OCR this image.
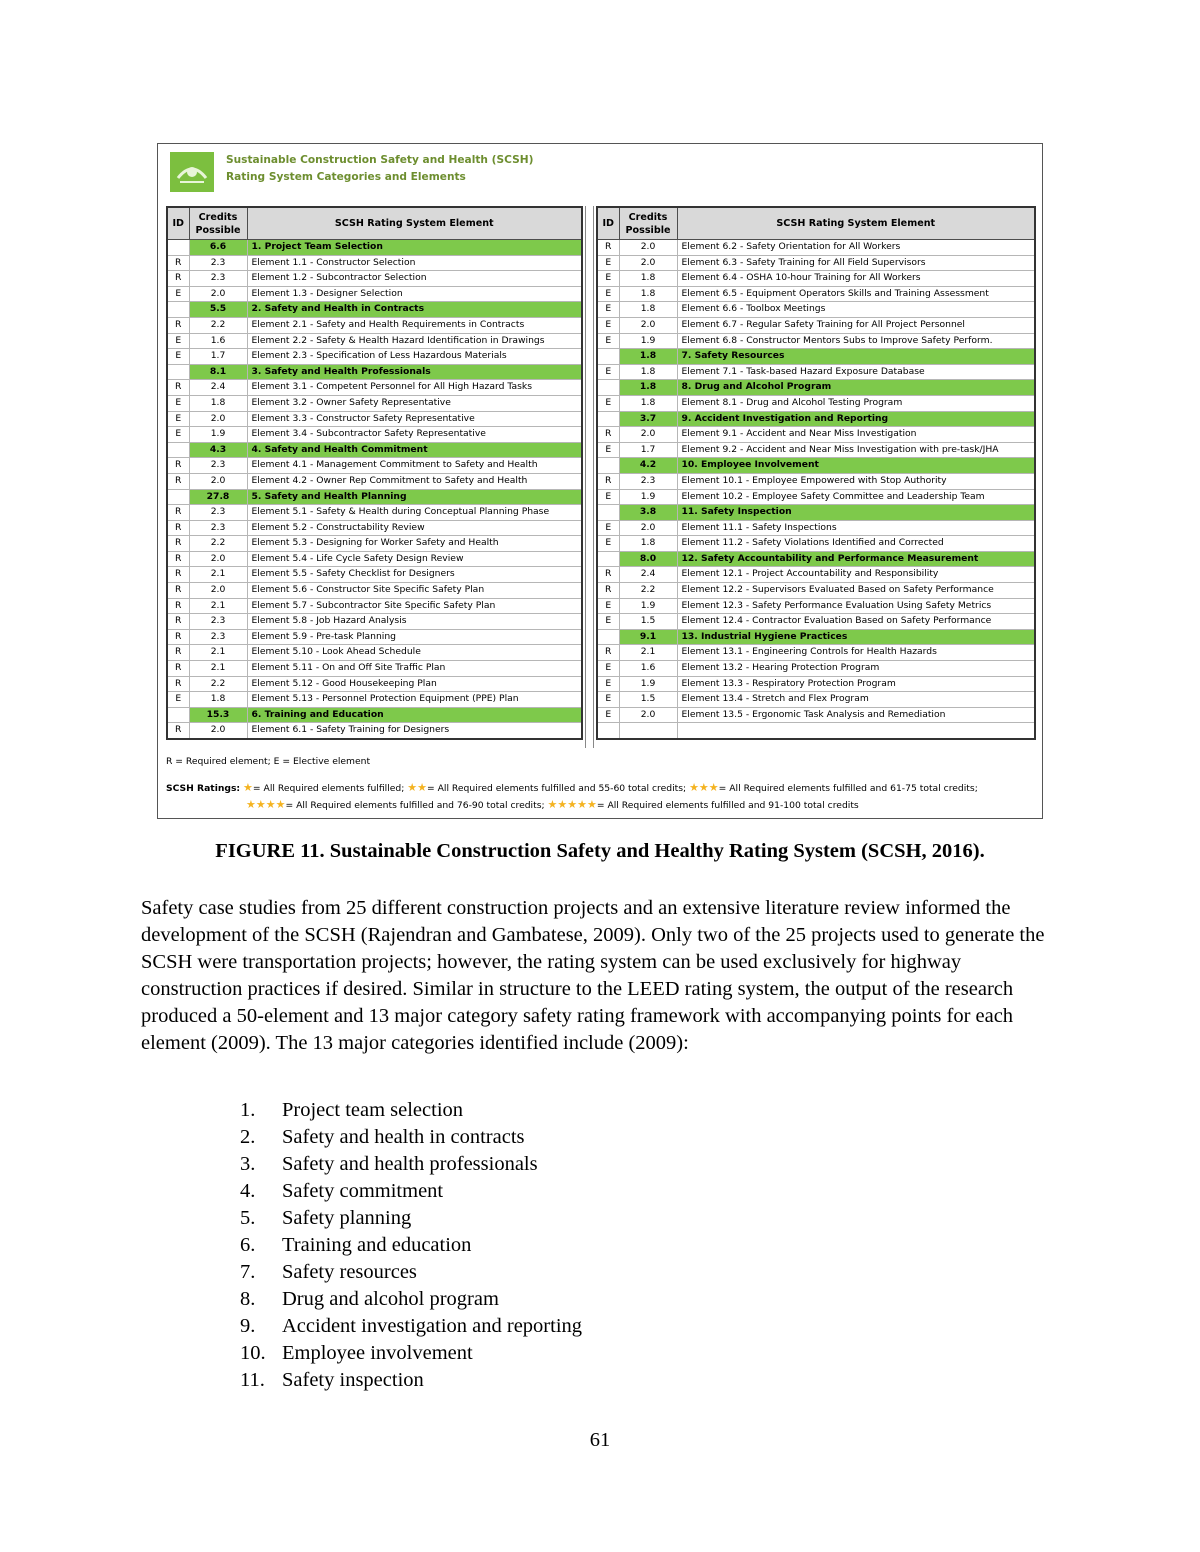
Sustainable Construction Safety and Health (SCSH)
Rating System Categories and Elements
ID	Credits Possible	SCSH Rating System Element
	6.6	1. Project Team Selection
R	2.3	Element 1.1 - Constructor Selection
R	2.3	Element 1.2 - Subcontractor Selection
E	2.0	Element 1.3 - Designer Selection
	5.5	2. Safety and Health in Contracts
R	2.2	Element 2.1 - Safety and Health Requirements in Contracts
E	1.6	Element 2.2 - Safety & Health Hazard Identification in Drawings
E	1.7	Element 2.3 - Specification of Less Hazardous Materials
	8.1	3. Safety and Health Professionals
R	2.4	Element 3.1 - Competent Personnel for All High Hazard Tasks
E	1.8	Element 3.2 - Owner Safety Representative
E	2.0	Element 3.3 - Constructor Safety Representative
E	1.9	Element 3.4 - Subcontractor Safety Representative
	4.3	4. Safety and Health Commitment
R	2.3	Element 4.1 - Management Commitment to Safety and Health
R	2.0	Element 4.2 - Owner Rep Commitment to Safety and Health
	27.8	5. Safety and Health Planning
R	2.3	Element 5.1 - Safety & Health during Conceptual Planning Phase
R	2.3	Element 5.2 - Constructability Review
R	2.2	Element 5.3 - Designing for Worker Safety and Health
R	2.0	Element 5.4 - Life Cycle Safety Design Review
R	2.1	Element 5.5 - Safety Checklist for Designers
R	2.0	Element 5.6 - Constructor Site Specific Safety Plan
R	2.1	Element 5.7 - Subcontractor Site Specific Safety Plan
R	2.3	Element 5.8 - Job Hazard Analysis
R	2.3	Element 5.9 - Pre-task Planning
R	2.1	Element 5.10 - Look Ahead Schedule
R	2.1	Element 5.11 - On and Off Site Traffic Plan
R	2.2	Element 5.12 - Good Housekeeping Plan
E	1.8	Element 5.13 - Personnel Protection Equipment (PPE) Plan
	15.3	6. Training and Education
R	2.0	Element 6.1 - Safety Training for Designers
ID	Credits Possible	SCSH Rating System Element
R	2.0	Element 6.2 - Safety Orientation for All Workers
E	2.0	Element 6.3 - Safety Training for All Field Supervisors
E	1.8	Element 6.4 - OSHA 10-hour Training for All Workers
E	1.8	Element 6.5 - Equipment Operators Skills and Training Assessment
E	1.8	Element 6.6 - Toolbox Meetings
E	2.0	Element 6.7 - Regular Safety Training for All Project Personnel
E	1.9	Element 6.8 - Constructor Mentors Subs to Improve Safety Perform.
	1.8	7. Safety Resources
E	1.8	Element 7.1 - Task-based Hazard Exposure Database
	1.8	8. Drug and Alcohol Program
E	1.8	Element 8.1 - Drug and Alcohol Testing Program
	3.7	9. Accident Investigation and Reporting
R	2.0	Element 9.1 - Accident and Near Miss Investigation
E	1.7	Element 9.2 - Accident and Near Miss Investigation with pre-task/JHA
	4.2	10. Employee Involvement
R	2.3	Element 10.1 - Employee Empowered with Stop Authority
E	1.9	Element 10.2 - Employee Safety Committee and Leadership Team
	3.8	11. Safety Inspection
E	2.0	Element 11.1 - Safety Inspections
E	1.8	Element 11.2 - Safety Violations Identified and Corrected
	8.0	12. Safety Accountability and Performance Measurement
R	2.4	Element 12.1 - Project Accountability and Responsibility
R	2.2	Element 12.2 - Supervisors Evaluated Based on Safety Performance
E	1.9	Element 12.3 - Safety Performance Evaluation Using Safety Metrics
E	1.5	Element 12.4 - Contractor Evaluation Based on Safety Performance
	9.1	13. Industrial Hygiene Practices
R	2.1	Element 13.1 - Engineering Controls for Health Hazards
E	1.6	Element 13.2 - Hearing Protection Program
E	1.9	Element 13.3 - Respiratory Protection Program
E	1.5	Element 13.4 - Stretch and Flex Program
E	2.0	Element 13.5 - Ergonomic Task Analysis and Remediation

R = Required element; E = Elective element
SCSH Ratings: ★= All Required elements fulfilled; ★★= All Required elements fulfilled and 55-60 total credits; ★★★= All Required elements fulfilled and 61-75 total credits;
★★★★= All Required elements fulfilled and 76-90 total credits; ★★★★★= All Required elements fulfilled and 91-100 total credits
FIGURE 11. Sustainable Construction Safety and Healthy Rating System (SCSH, 2016).
Safety case studies from 25 different construction projects and an extensive literature review informed the development of the SCSH (Rajendran and Gambatese, 2009). Only two of the 25 projects used to generate the SCSH were transportation projects; however, the rating system can be used exclusively for highway construction practices if desired. Similar in structure to the LEED rating system, the output of the research produced a 50-element and 13 major category safety rating framework with accompanying points for each element (2009). The 13 major categories identified include (2009):
1.	Project team selection
2.	Safety and health in contracts
3.	Safety and health professionals
4.	Safety commitment
5.	Safety planning
6.	Training and education
7.	Safety resources
8.	Drug and alcohol program
9.	Accident investigation and reporting
10. Employee involvement
11. Safety inspection
61
